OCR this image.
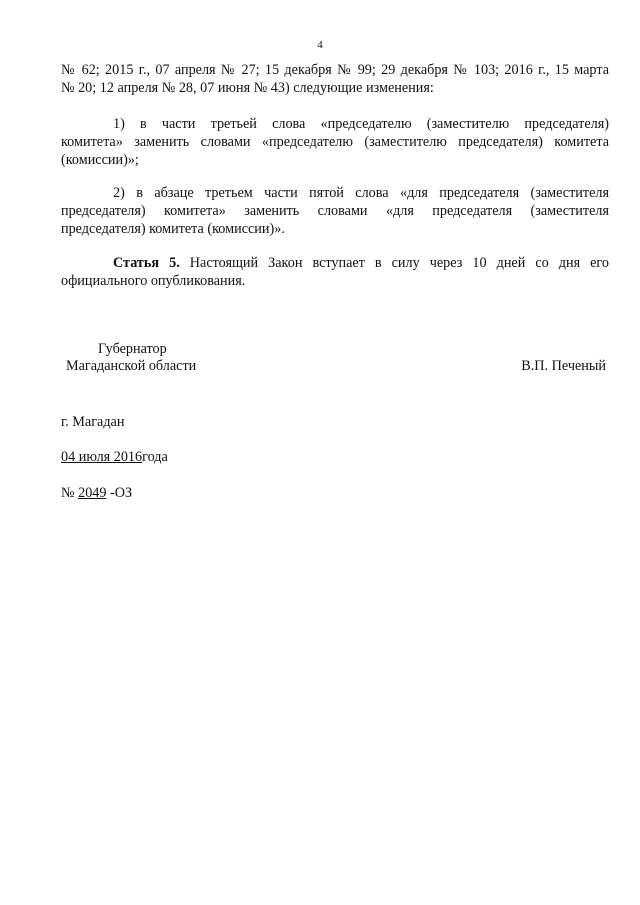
4
№ 62; 2015 г., 07 апреля № 27; 15 декабря № 99; 29 декабря № 103; 2016 г., 15 марта
№ 20; 12 апреля № 28, 07 июня № 43) следующие изменения:
1) в части третьей слова «председателю (заместителю председателя)
комитета» заменить словами «председателю (заместителю председателя) комитета
(комиссии)»;
2) в абзаце третьем части пятой слова «для председателя (заместителя
председателя) комитета» заменить словами «для председателя (заместителя
председателя) комитета (комиссии)».
Статья 5. Настоящий Закон вступает в силу через 10 дней со дня его
официального опубликования.
Губернатор
Магаданской области	В.П. Печеный
г. Магадан
04 июля 2016года
№ 2049 -ОЗ
